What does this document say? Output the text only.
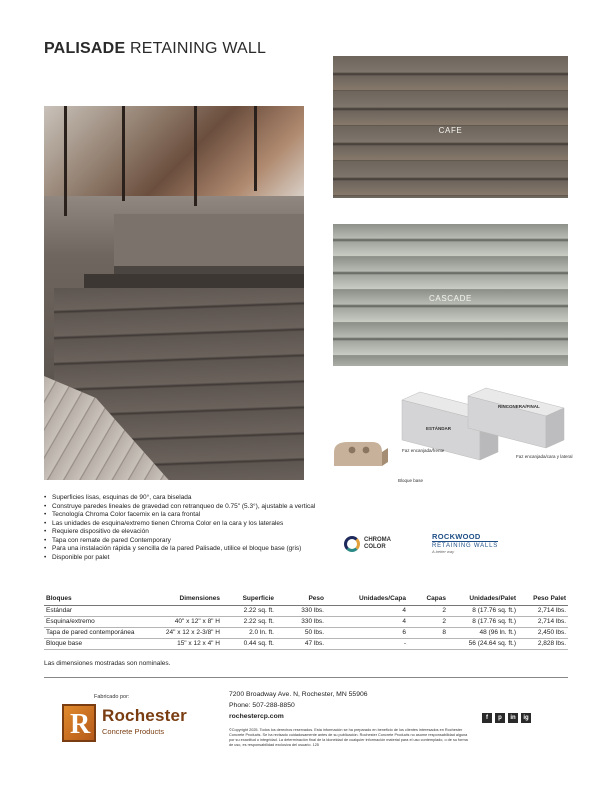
PALISADE RETAINING WALL
CAFE
CASCADE
ESTÁNDAR
Faz encanjada/frente
RINCONERA/FINAL
Faz encanjada/cara y lateral
Bloque base
• Superficies lisas, esquinas de 90°, cara biselada
• Construye paredes lineales de gravedad con retranqueo de 0.75" (5.3°), ajustable a vertical
• Tecnología Chroma Color facemix en la cara frontal
• Las unidades de esquina/extremo tienen Chroma Color en la cara y los laterales
• Requiere dispositivo de elevación
• Tapa con remate de pared Contemporary
• Para una instalación rápida y sencilla de la pared Palisade, utilice el bloque base (gris)
• Disponible por palet
CHROMA
COLOR
ROCKWOOD
RETAINING WALLS
A better way
Bloques	Dimensiones	Superficie	Peso	Unidades/Capa	Capas	Unidades/Palet	Peso Palet
Estándar		2.22 sq. ft.	330 lbs.	4	2	8 (17.76 sq. ft.)	2,714 lbs.
Esquina/extremo	40" x 12" x 8" H	2.22 sq. ft.	330 lbs.	4	2	8 (17.76 sq. ft.)	2,714 lbs.
Tapa de pared contemporánea	24" x 12 x 2-3/8" H	2.0 ln. ft.	50 lbs.	6	8	48 (96 ln. ft.)	2,450 lbs.
Bloque base	15" x 12 x 4" H	0.44 sq. ft.	47 lbs.	-		56 (24.64 sq. ft.)	2,828 lbs.
Las dimensiones mostradas son nominales.
Fabricado por:
R Rochester
Concrete Products
7200 Broadway Ave. N, Rochester, MN 55906
Phone: 507-288-8850
rochestercp.com
©Copyright 2025. Todos los derechos reservados. Esta información se ha preparado en beneficio de los clientes interesados en Rochester Concrete Products. Se ha revisado cuidadosamente antes de su publicación. Rochester Concrete Products no asume responsabilidad alguna por su exactitud o integridad. La determinación final de la idoneidad de cualquier información material para el uso contemplado, o de su forma de uso, es responsabilidad exclusiva del usuario. 125
f	p	in	ig
